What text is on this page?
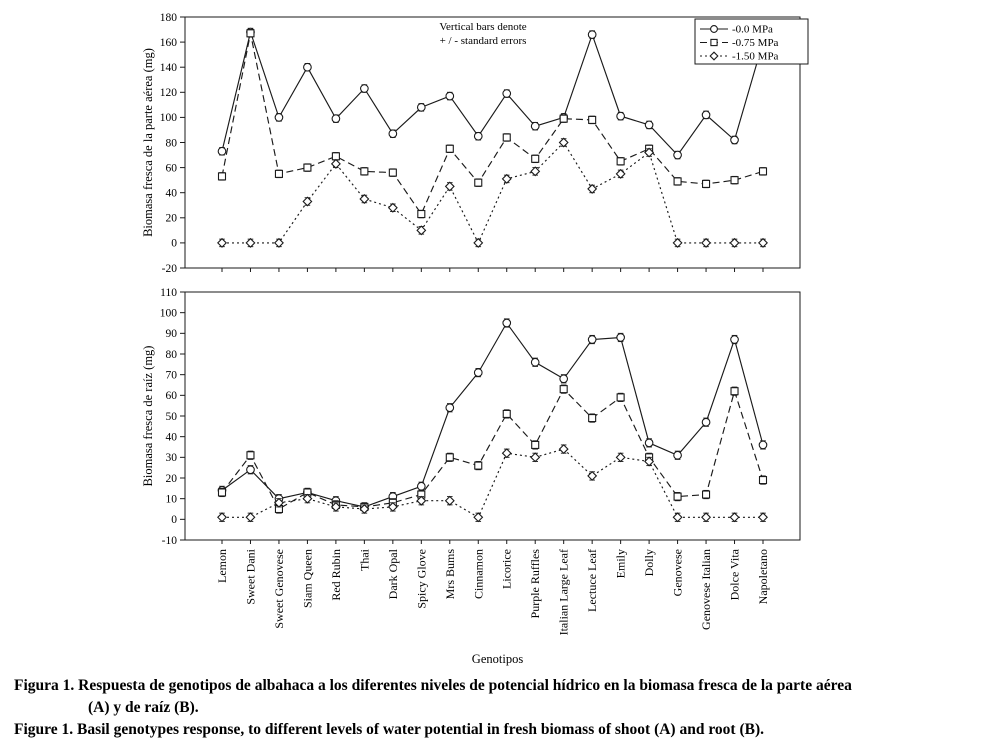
-20
0
20
40
60
80
100
120
140
160
180
Biomasa fresca de la parte aérea (mg)
-10
0
10
20
30
40
50
60
70
80
90
100
110
Biomasa fresca de raíz (mg)
Lemon Sweet Dani Sweet Genovese Siam Queen Red Rubin Thai Dark Opal Spicy Glove Mrs Bums Cinnamon Licorice Purple Ruffles Italian Large Leaf Lectuce Leaf Emily Dolly Genovese Genovese Italian Dolce Vita Napoletano
Genotipos
Vertical bars denote
+ / - standard errors
-0.0 MPa
-0.75 MPa
-1.50 MPa
Figura 1. Respuesta de genotipos de albahaca a los diferentes niveles de potencial hídrico en la biomasa fresca de la parte aérea
(A) y de raíz (B).
Figure 1. Basil genotypes response, to different levels of water potential in fresh biomass of shoot (A) and root (B).
